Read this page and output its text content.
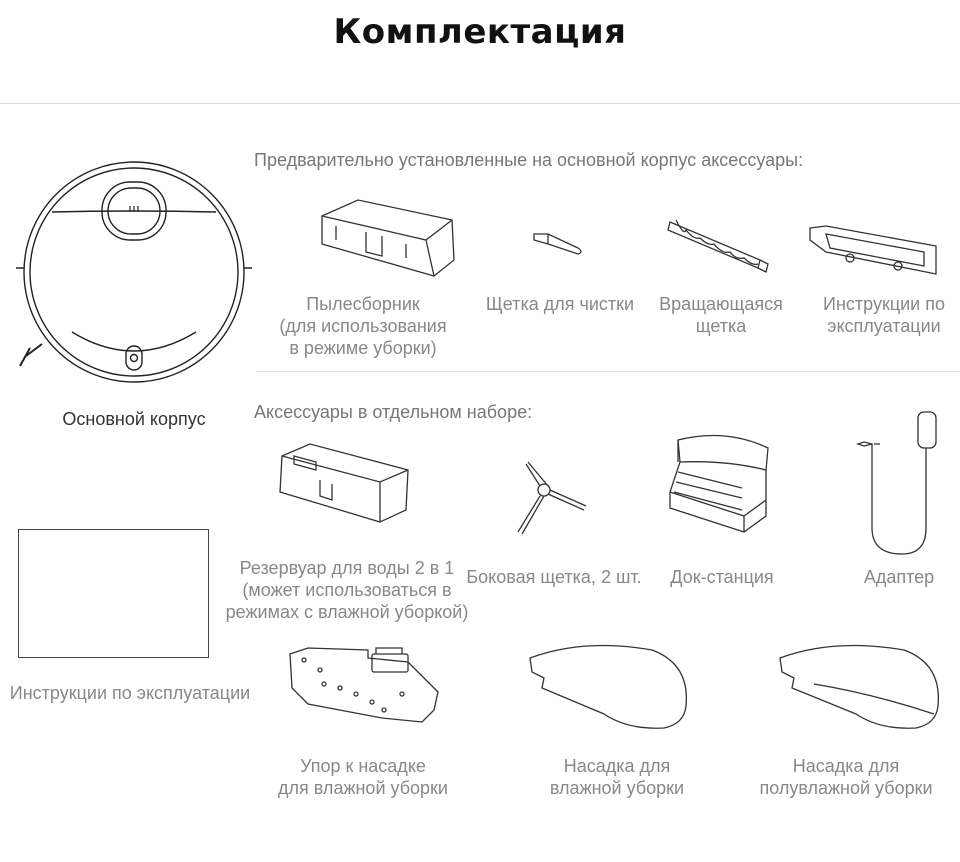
Комплектация
Основной корпус
Инструкции по эксплуатации
Предварительно установленные на основной корпус аксессуары:
Пылесборник
(для использования
в режиме уборки)
Щетка для чистки Вращающаяся
щетка
Инструкции по
эксплуатации
Аксессуары в отдельном наборе:
Резервуар для воды 2 в 1
(может использоваться в
режимах с влажной уборкой)
Боковая щетка, 2 шт. Док-станция	Адаптер
Упор к насадке
для влажной уборки
Насадка для
влажной уборки
Насадка для
полувлажной уборки
